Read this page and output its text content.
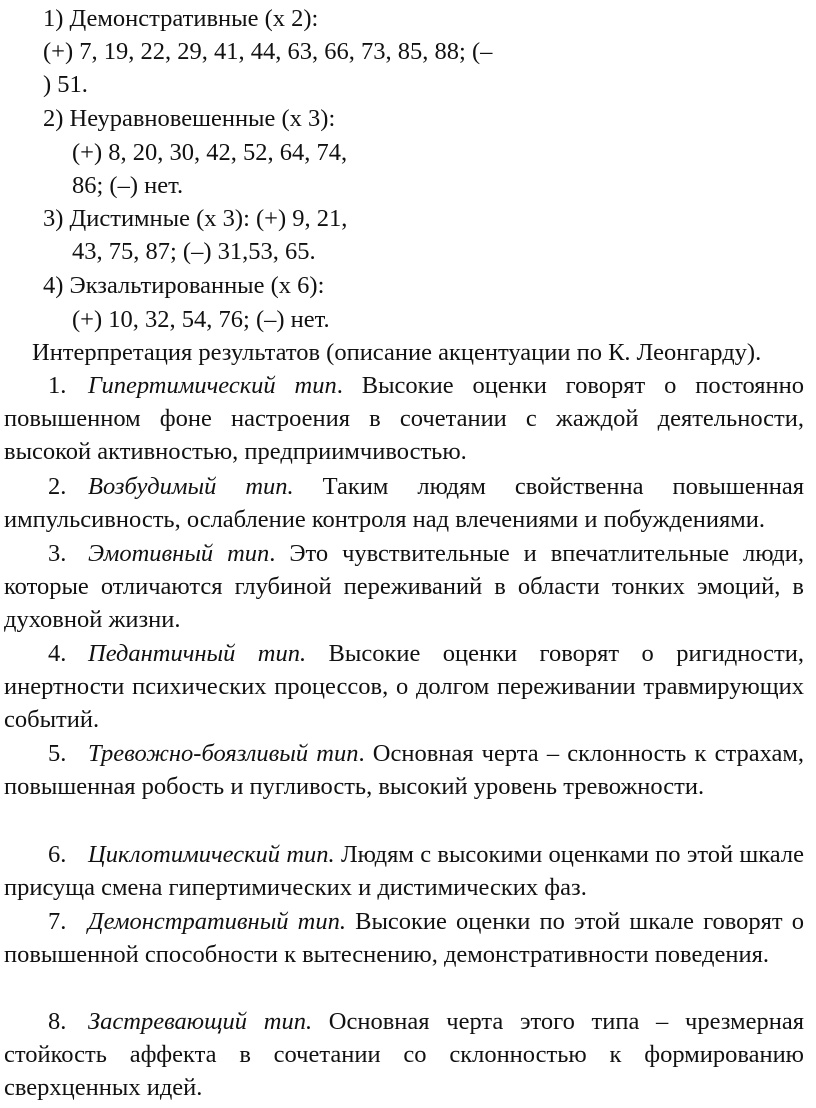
1) Демонстративные (х 2):
(+) 7, 19, 22, 29, 41, 44, 63, 66, 73, 85, 88; (–
) 51.
2) Неуравновешенные (х 3):
(+) 8, 20, 30, 42, 52, 64, 74,
86; (–) нет.
3) Дистимные (х 3): (+) 9, 21,
43, 75, 87; (–) 31,53, 65.
4) Экзальтированные (х 6):
(+) 10, 32, 54, 76; (–) нет.
Интерпретация результатов (описание акцентуации по К. Леонгарду).
1. Гипертимический тип. Высокие оценки говорят о постоянно повышенном фоне настроения в сочетании с жаждой деятельности, высокой активностью, предприимчивостью.
2. Возбудимый тип. Таким людям свойственна повышенная импульсивность, ослабление контроля над влечениями и побуждениями.
3. Эмотивный тип. Это чувствительные и впечатлительные люди, которые отличаются глубиной переживаний в области тонких эмоций, в духовной жизни.
4. Педантичный тип. Высокие оценки говорят о ригидности, инертности психических процессов, о долгом переживании травмирующих событий.
5. Тревожно-боязливый тип. Основная черта – склонность к страхам, повышенная робость и пугливость, высокий уровень тревожности.
6. Циклотимический тип. Людям с высокими оценками по этой шкале присуща смена гипертимических и дистимических фаз.
7. Демонстративный тип. Высокие оценки по этой шкале говорят о повышенной способности к вытеснению, демонстративности поведения.
8. Застревающий тип. Основная черта этого типа – чрезмерная стойкость аффекта в сочетании со склонностью к формированию сверхценных идей.
